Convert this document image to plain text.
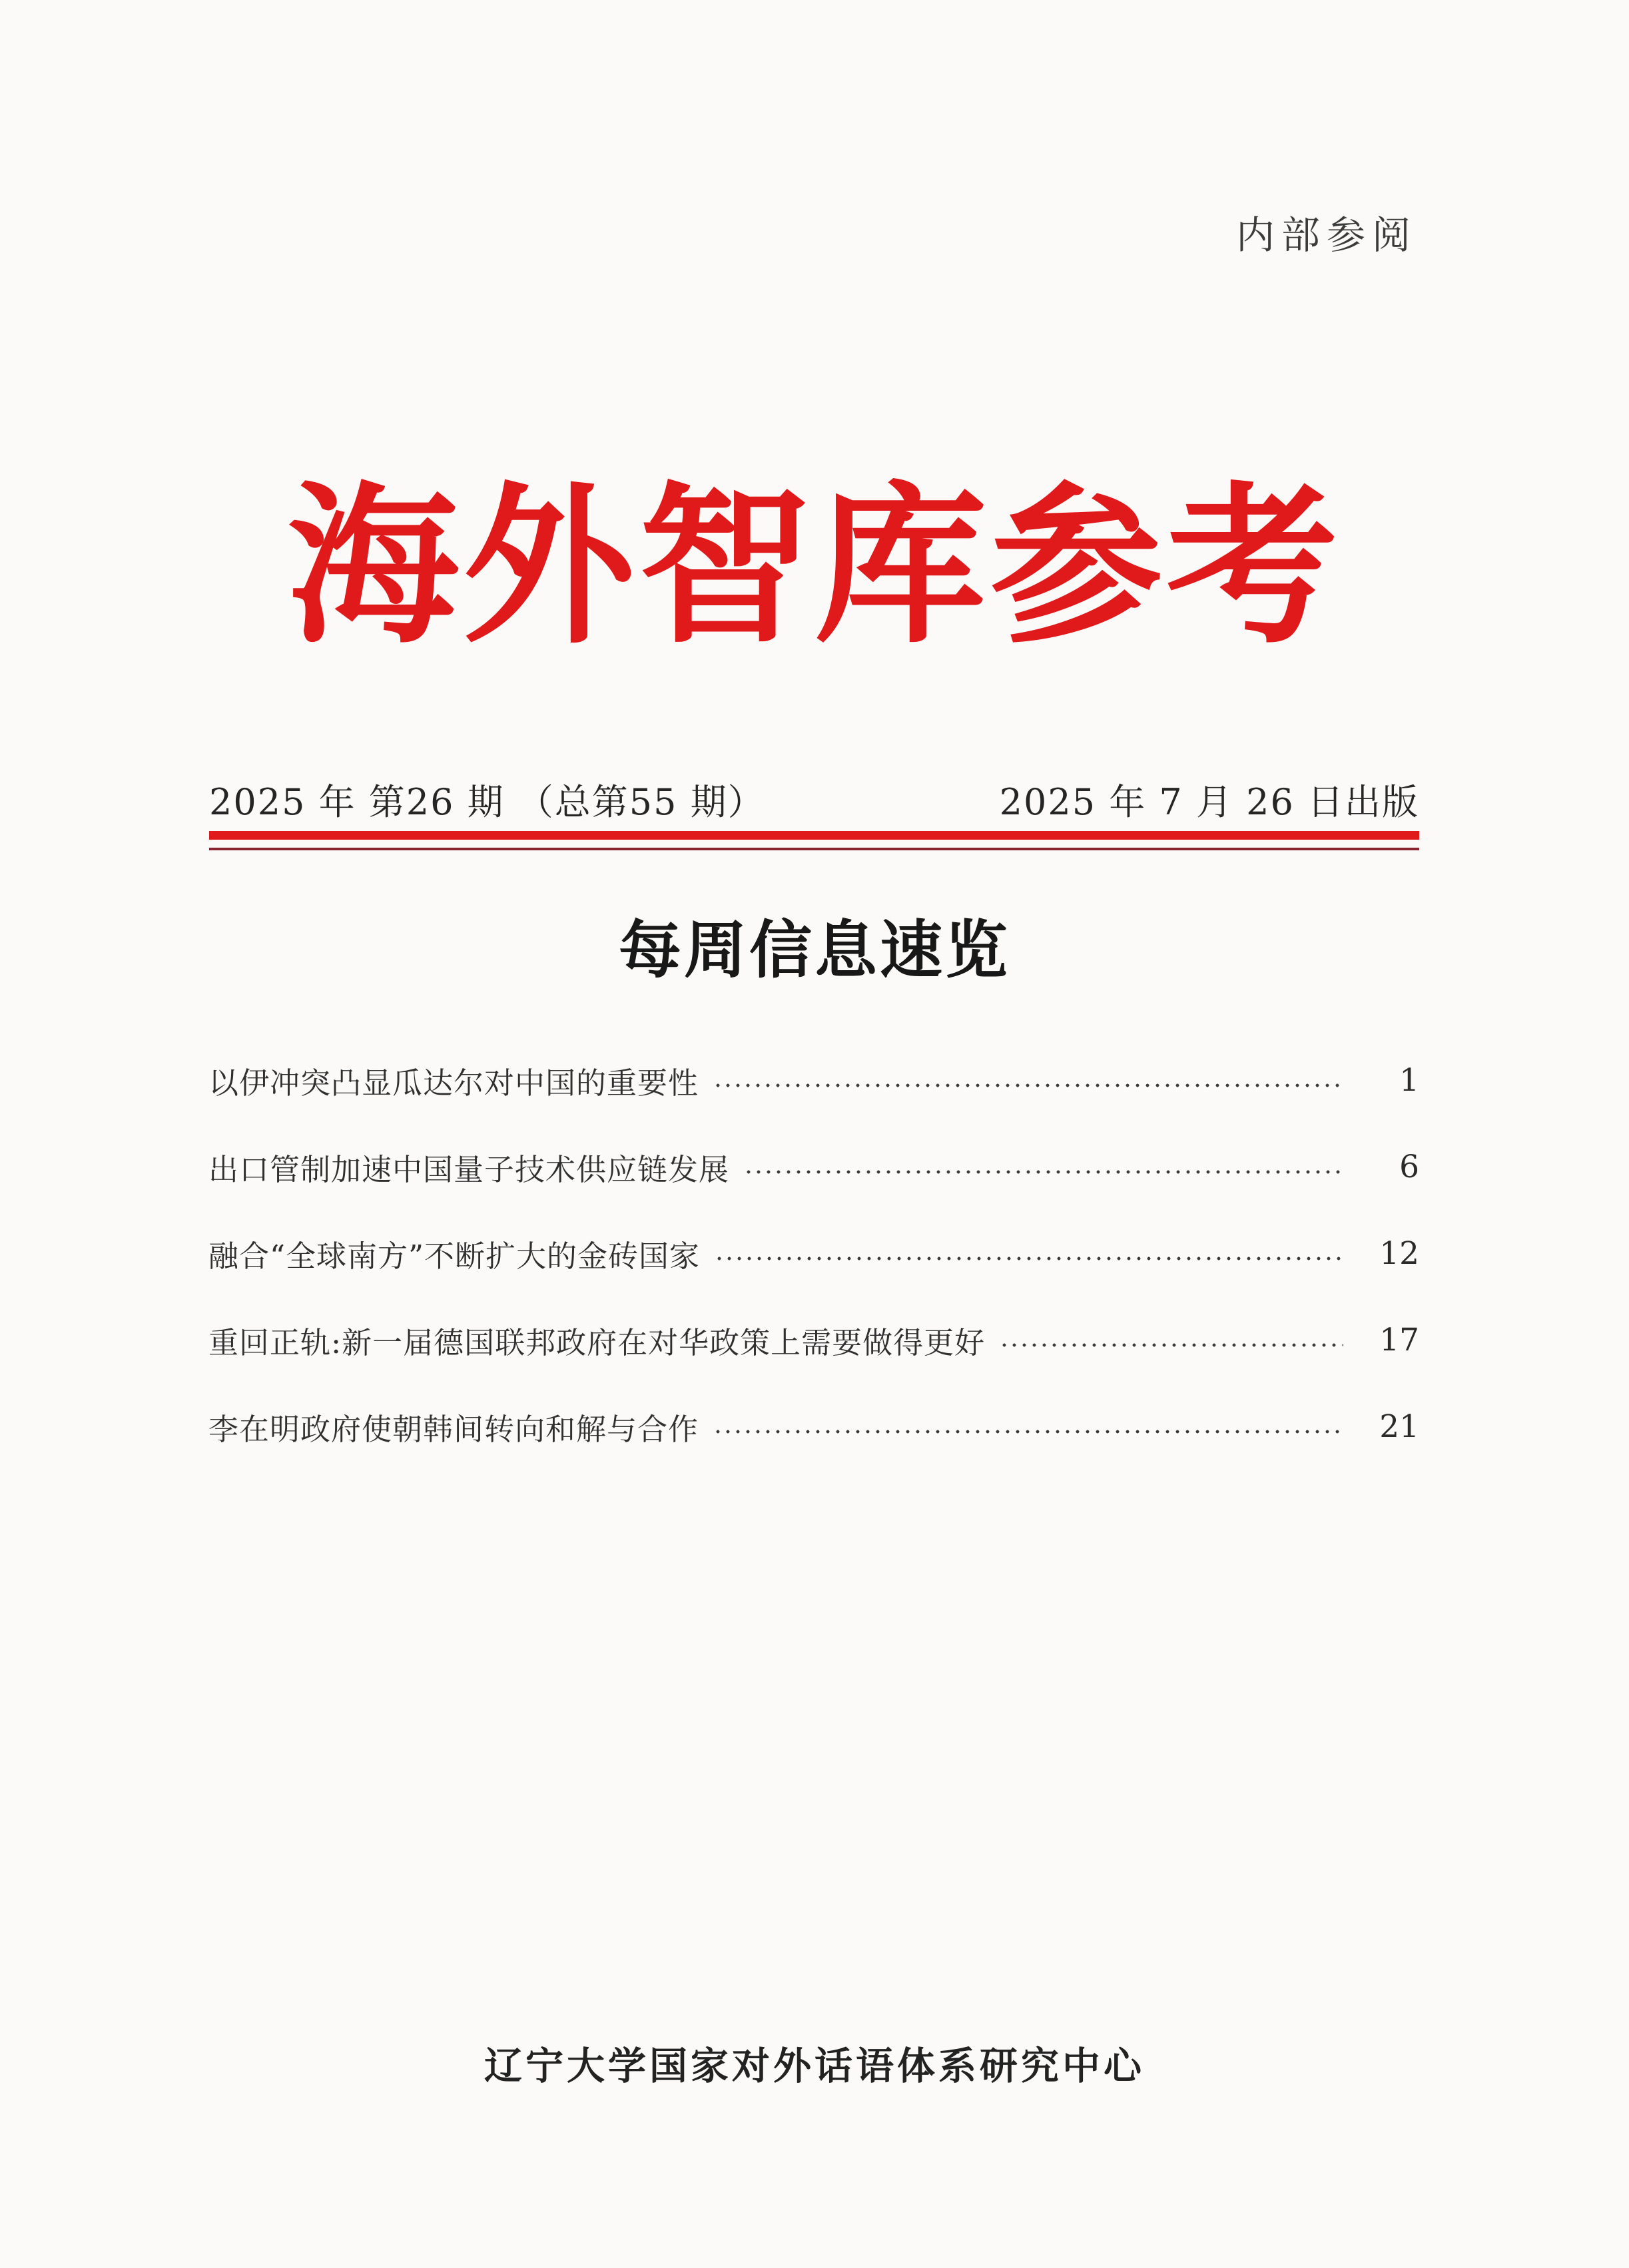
内部参阅
海外智库参考
2025 年 第26 期 （总第55 期）	2025 年 7 月 26 日出版
每周信息速览
以伊冲突凸显瓜达尔对中国的重要性	1
出口管制加速中国量子技术供应链发展	6
融合“全球南方”不断扩大的金砖国家	12
重回正轨:新一届德国联邦政府在对华政策上需要做得更好	17
李在明政府使朝韩间转向和解与合作	21
辽宁大学国家对外话语体系研究中心
